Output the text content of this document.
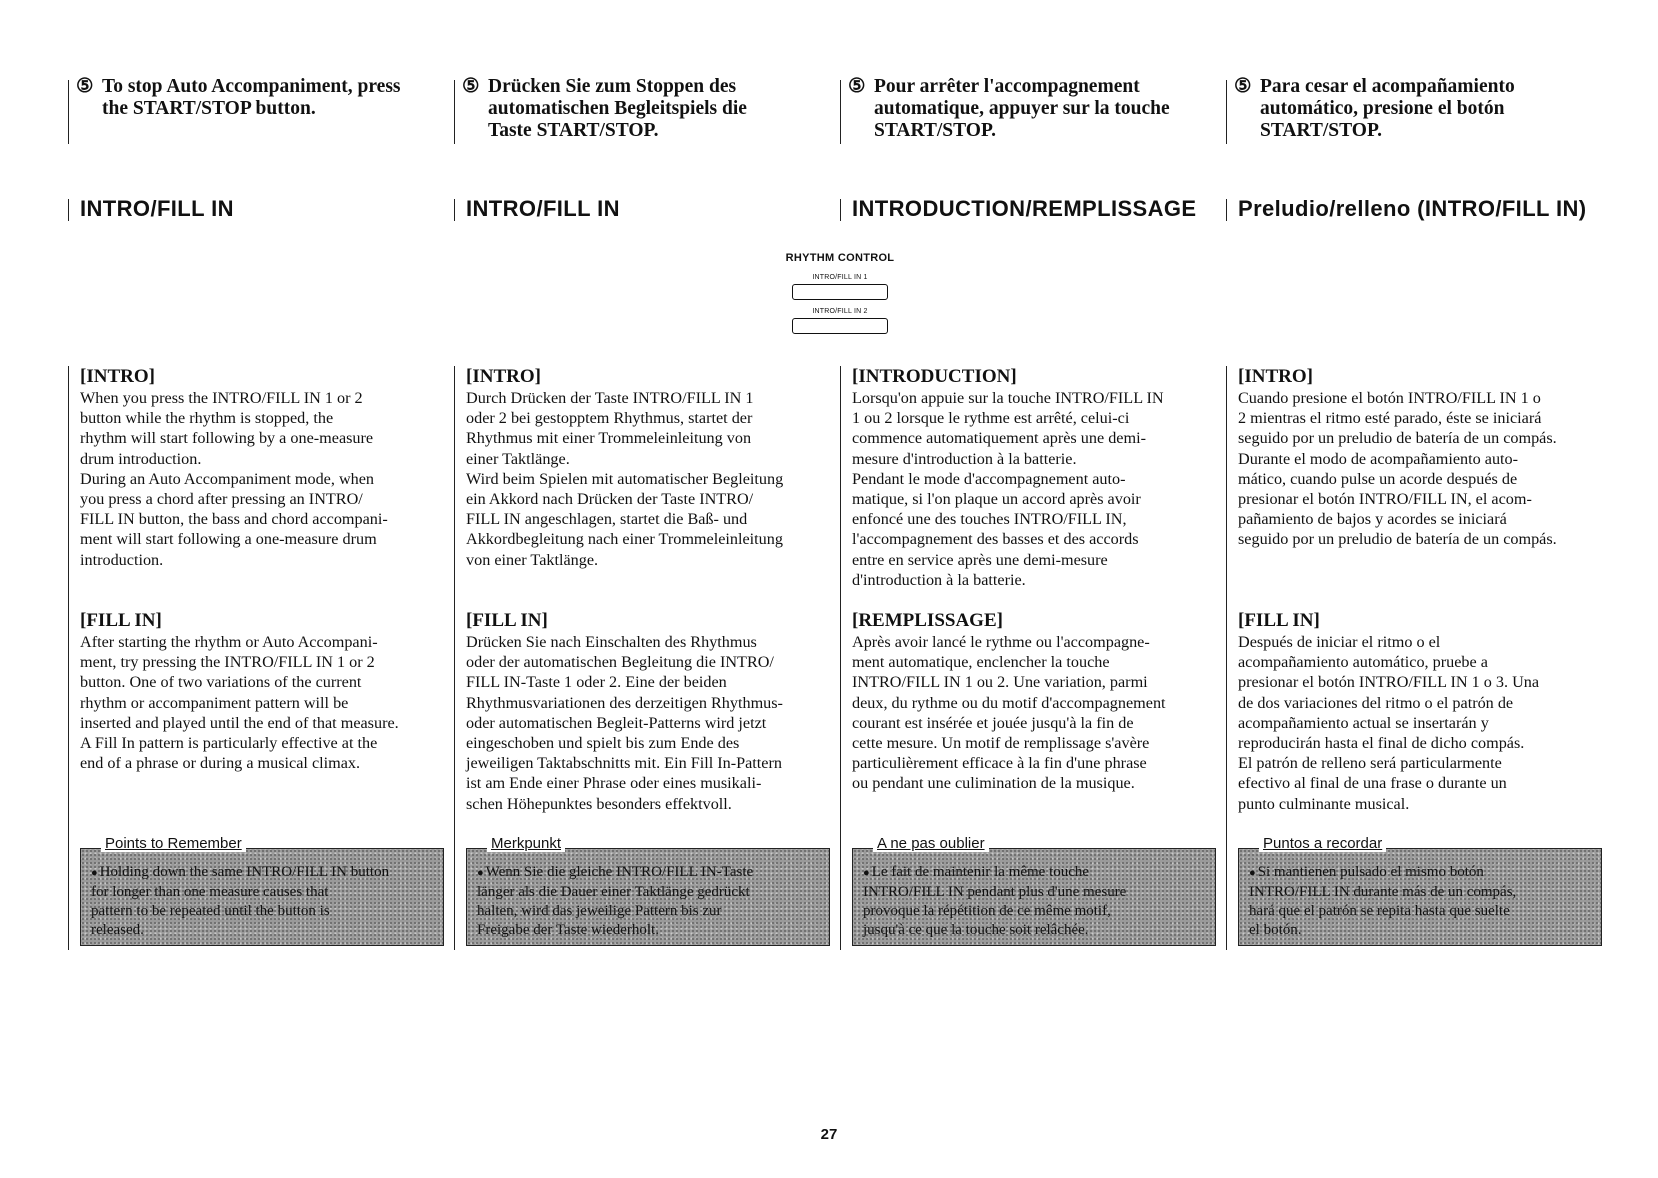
⑤ To stop Auto Accompaniment, press
the START/STOP button.
INTRO/FILL IN
[INTRO]
When you press the INTRO/FILL IN 1 or 2
button while the rhythm is stopped, the
rhythm will start following by a one-measure
drum introduction.
During an Auto Accompaniment mode, when
you press a chord after pressing an INTRO/
FILL IN button, the bass and chord accompani-
ment will start following a one-measure drum
introduction.
[FILL IN]
After starting the rhythm or Auto Accompani-
ment, try pressing the INTRO/FILL IN 1 or 2
button. One of two variations of the current
rhythm or accompaniment pattern will be
inserted and played until the end of that measure.
A Fill In pattern is particularly effective at the
end of a phrase or during a musical climax.
Points to Remember
● Holding down the same INTRO/FILL IN button
for longer than one measure causes that
pattern to be repeated until the button is
released.
⑤ Drücken Sie zum Stoppen des
automatischen Begleitspiels die
Taste START/STOP.
INTRO/FILL IN
[INTRO]
Durch Drücken der Taste INTRO/FILL IN 1
oder 2 bei gestopptem Rhythmus, startet der
Rhythmus mit einer Trommeleinleitung von
einer Taktlänge.
Wird beim Spielen mit automatischer Begleitung
ein Akkord nach Drücken der Taste INTRO/
FILL IN angeschlagen, startet die Baß- und
Akkordbegleitung nach einer Trommeleinleitung
von einer Taktlänge.
[FILL IN]
Drücken Sie nach Einschalten des Rhythmus
oder der automatischen Begleitung die INTRO/
FILL IN-Taste 1 oder 2. Eine der beiden
Rhythmusvariationen des derzeitigen Rhythmus-
oder automatischen Begleit-Patterns wird jetzt
eingeschoben und spielt bis zum Ende des
jeweiligen Taktabschnitts mit. Ein Fill In-Pattern
ist am Ende einer Phrase oder eines musikali-
schen Höhepunktes besonders effektvoll.
Merkpunkt
● Wenn Sie die gleiche INTRO/FILL IN-Taste
länger als die Dauer einer Taktlänge gedrückt
halten, wird das jeweilige Pattern bis zur
Freigabe der Taste wiederholt.
⑤ Pour arrêter l'accompagnement
automatique, appuyer sur la touche
START/STOP.
INTRODUCTION/REMPLISSAGE
[INTRODUCTION]
Lorsqu'on appuie sur la touche INTRO/FILL IN
1 ou 2 lorsque le rythme est arrêté, celui-ci
commence automatiquement après une demi-
mesure d'introduction à la batterie.
Pendant le mode d'accompagnement auto-
matique, si l'on plaque un accord après avoir
enfoncé une des touches INTRO/FILL IN,
l'accompagnement des basses et des accords
entre en service après une demi-mesure
d'introduction à la batterie.
[REMPLISSAGE]
Après avoir lancé le rythme ou l'accompagne-
ment automatique, enclencher la touche
INTRO/FILL IN 1 ou 2. Une variation, parmi
deux, du rythme ou du motif d'accompagnement
courant est insérée et jouée jusqu'à la fin de
cette mesure. Un motif de remplissage s'avère
particulièrement efficace à la fin d'une phrase
ou pendant une culimination de la musique.
A ne pas oublier
● Le fait de maintenir la même touche
INTRO/FILL IN pendant plus d'une mesure
provoque la répétition de ce même motif,
jusqu'à ce que la touche soit relâchée.
⑤ Para cesar el acompañamiento
automático, presione el botón
START/STOP.
Preludio/relleno (INTRO/FILL IN)
[INTRO]
Cuando presione el botón INTRO/FILL IN 1 o
2 mientras el ritmo esté parado, éste se iniciará
seguido por un preludio de batería de un compás.
Durante el modo de acompañamiento auto-
mático, cuando pulse un acorde después de
presionar el botón INTRO/FILL IN, el acom-
pañamiento de bajos y acordes se iniciará
seguido por un preludio de batería de un compás.
[FILL IN]
Después de iniciar el ritmo o el
acompañamiento automático, pruebe a
presionar el botón INTRO/FILL IN 1 o 3. Una
de dos variaciones del ritmo o el patrón de
acompañamiento actual se insertarán y
reproducirán hasta el final de dicho compás.
El patrón de relleno será particularmente
efectivo al final de una frase o durante un
punto culminante musical.
Puntos a recordar
● Si mantienen pulsado el mismo botón
INTRO/FILL IN durante más de un compás,
hará que el patrón se repita hasta que suelte
el botón.
RHYTHM CONTROL
INTRO/FILL IN 1
INTRO/FILL IN 2
27
